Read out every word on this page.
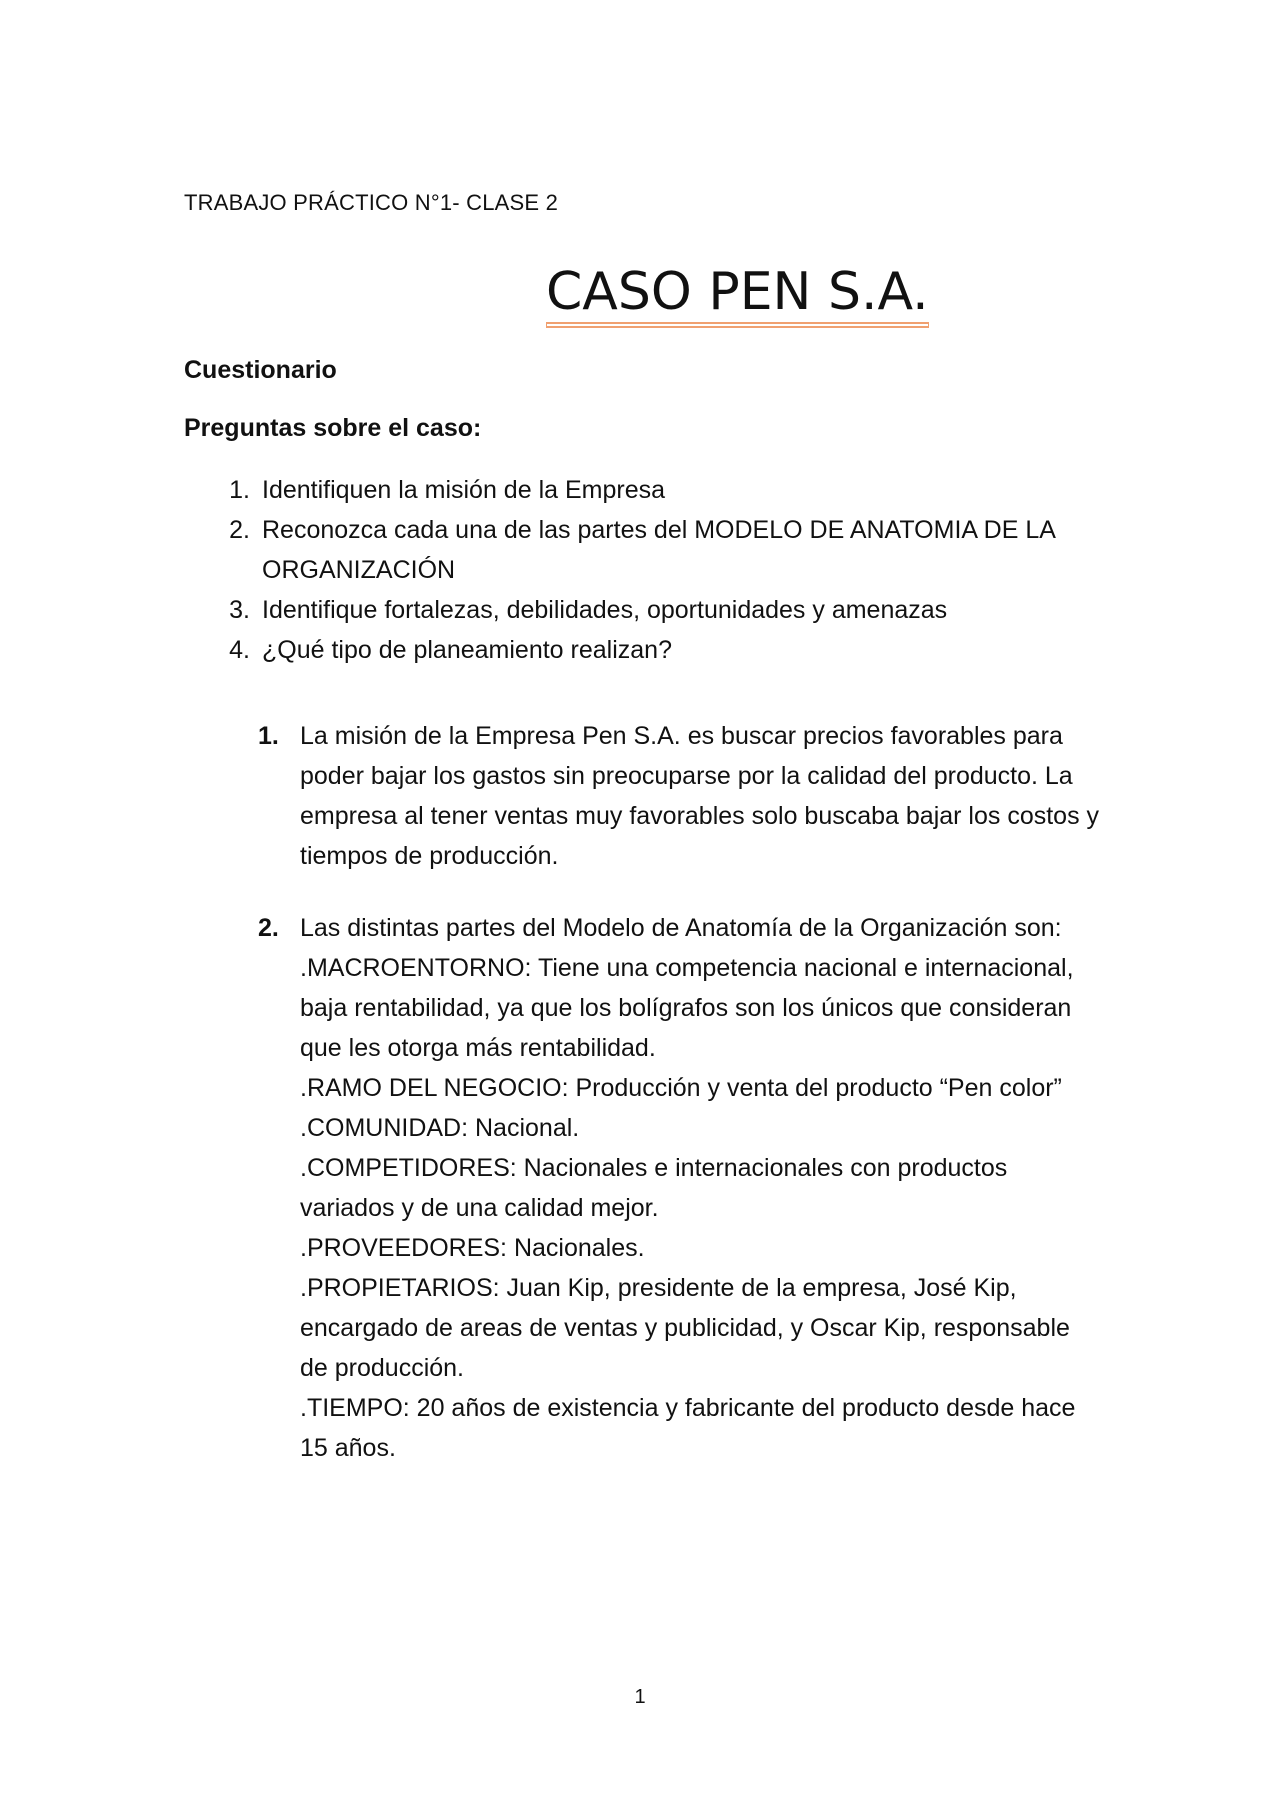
TRABAJO PRÁCTICO N°1- CLASE 2
CASO PEN S.A.
Cuestionario
Preguntas sobre el caso:
1. Identifiquen la misión de la Empresa
2. Reconozca cada una de las partes del MODELO DE ANATOMIA DE LA ORGANIZACIÓN
3. Identifique fortalezas, debilidades, oportunidades y amenazas
4. ¿Qué tipo de planeamiento realizan?
1. La misión de la Empresa Pen S.A. es buscar precios favorables para poder bajar los gastos sin preocuparse por la calidad del producto. La empresa al tener ventas muy favorables solo buscaba bajar los costos y tiempos de producción.

2. Las distintas partes del Modelo de Anatomía de la Organización son:

.MACROENTORNO: Tiene una competencia nacional e internacional, baja rentabilidad, ya que los bolígrafos son los únicos que consideran que les otorga más rentabilidad.

.RAMO DEL NEGOCIO: Producción y venta del producto “Pen color”

.COMUNIDAD: Nacional.

.COMPETIDORES: Nacionales e internacionales con productos variados y de una calidad mejor.

.PROVEEDORES: Nacionales.

.PROPIETARIOS: Juan Kip, presidente de la empresa, José Kip, encargado de areas de ventas y publicidad, y Oscar Kip, responsable de producción.

.TIEMPO: 20 años de existencia y fabricante del producto desde hace 15 años.

1
